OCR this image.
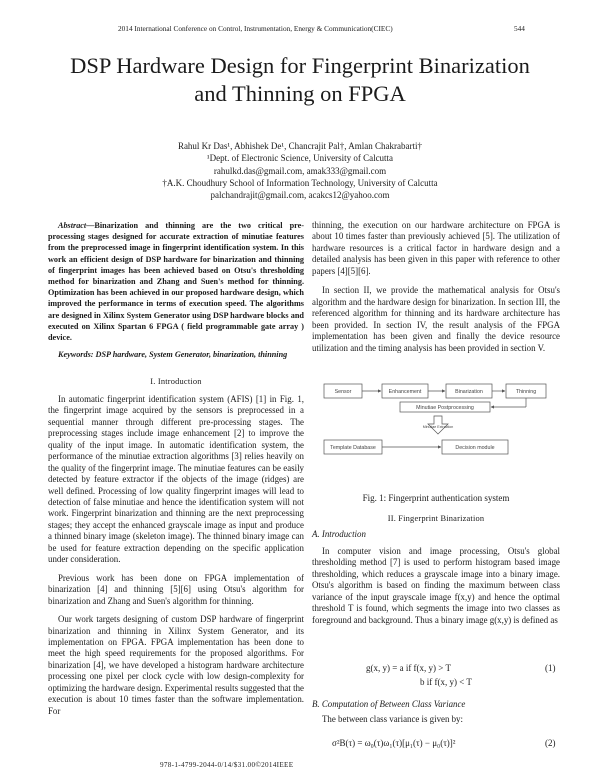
2014 International Conference on Control, Instrumentation, Energy & Communication(CIEC)	544
DSP Hardware Design for Fingerprint Binarization
and Thinning on FPGA
Rahul Kr Das¹, Abhishek De¹, Chancrajit Pal†, Amlan Chakrabarti†
¹Dept. of Electronic Science, University of Calcutta
rahulkd.das@gmail.com, amak333@gmail.com
†A.K. Choudhury School of Information Technology, University of Calcutta
palchandrajit@gmail.com, acakcs12@yahoo.com

Abstract—Binarization and thinning are the two critical pre-processing stages designed for accurate extraction of minutiae features from the preprocessed image in fingerprint identification system. In this work an efficient design of DSP hardware for binarization and thinning of fingerprint images has been achieved based on Otsu's thresholding method for binarization and Zhang and Suen's method for thinning. Optimization has been achieved in our proposed hardware design, which improved the performance in terms of execution speed. The algorithms are designed in Xilinx System Generator using DSP hardware blocks and executed on Xilinx Spartan 6 FPGA ( field programmable gate array ) device.

Keywords: DSP hardware, System Generator, binarization, thinning

I. Introduction

In automatic fingerprint identification system (AFIS) [1] in Fig. 1, the fingerprint image acquired by the sensors is preprocessed in a sequential manner through different pre-processing stages. The preprocessing stages include image enhancement [2] to improve the quality of the input image. In automatic identification system, the performance of the minutiae extraction algorithms [3] relies heavily on the quality of the fingerprint image. The minutiae features can be easily detected by feature extractor if the objects of the image (ridges) are well defined. Processing of low quality fingerprint images will lead to detection of false minutiae and hence the identification system will not work. Fingerprint binarization and thinning are the next preprocessing stages; they accept the enhanced grayscale image as input and produce a thinned binary image (skeleton image). The thinned binary image can be used for feature extraction depending on the specific application under consideration.

Previous work has been done on FPGA implementation of binarization [4] and thinning [5][6] using Otsu's algorithm for binarization and Zhang and Suen's algorithm for thinning.

Our work targets designing of custom DSP hardware of fingerprint binarization and thinning in Xilinx System Generator, and its implementation on FPGA. FPGA implementation has been done to meet the high speed requirements for the proposed algorithms. For binarization [4], we have developed a histogram hardware architecture processing one pixel per clock cycle with low design-complexity for optimizing the hardware design. Experimental results suggested that the execution is about 10 times faster than the software implementation. For

thinning, the execution on our hardware architecture on FPGA is about 10 times faster than previously achieved [5]. The utilization of hardware resources is a critical factor in hardware design and a detailed analysis has been given in this paper with reference to other papers [4][5][6].

In section II, we provide the mathematical analysis for Otsu's algorithm and the hardware design for binarization. In section III, the referenced algorithm for thinning and its hardware architecture has been provided. In section IV, the result analysis of the FPGA implementation has been given and finally the device resource utilization and the timing analysis has been provided in section V.

Sensor	Enhancement	Binarization	Thinning
Minutiae Postprocessing
Template Database	Decision module
Minutiae Extraction
Fig. 1: Fingerprint authentication system

II. Fingerprint Binarization

A. Introduction

In computer vision and image processing, Otsu's global thresholding method [7] is used to perform histogram based image thresholding, which reduces a grayscale image into a binary image. Otsu's algorithm is based on finding the maximum between class variance of the input grayscale image f(x,y) and hence the optimal threshold T is found, which segments the image into two classes as foreground and background. Thus a binary image g(x,y) is defined as

g(x, y) = a if f(x, y) > T
b if f(x, y) < T
(1)

B. Computation of Between Class Variance

The between class variance is given by:

σ²B(τ) = ω₀(τ)ω₁(τ)[μ₁(τ) − μ₀(τ)]²	(2)
978-1-4799-2044-0/14/$31.00©2014IEEE
